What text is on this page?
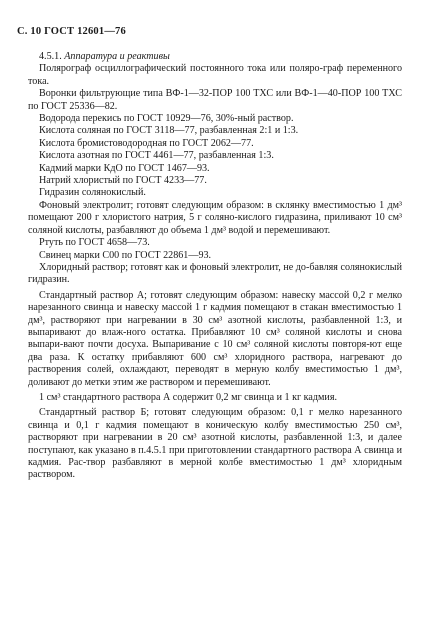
С. 10 ГОСТ 12601—76

4.5.1. Аппаратура и реактивы

Полярограф осциллографический постоянного тока или поляро-граф переменного тока.

Воронки фильтрующие типа ВФ-1—32-ПОР 100 ТХС или ВФ-1—40-ПОР 100 ТХС по ГОСТ 25336—82.

Водорода перекись по ГОСТ 10929—76, 30%-ный раствор.

Кислота соляная по ГОСТ 3118—77, разбавленная 2:1 и 1:3.

Кислота бромистоводородная по ГОСТ 2062—77.

Кислота азотная по ГОСТ 4461—77, разбавленная 1:3.

Кадмий марки КдО по ГОСТ 1467—93.

Натрий хлористый по ГОСТ 4233—77.

Гидразин солянокислый.

Фоновый электролит; готовят следующим образом: в склянку вместимостью 1 дм³ помещают 200 г хлористого натрия, 5 г соляно-кислого гидразина, приливают 10 см³ соляной кислоты, разбавляют до объема 1 дм³ водой и перемешивают.

Ртуть по ГОСТ 4658—73.

Свинец марки С00 по ГОСТ 22861—93.

Хлоридный раствор; готовят как и фоновый электролит, не до-бавляя солянокислый гидразин.

Стандартный раствор А; готовят следующим образом: навеску массой 0,2 г мелко нарезанного свинца и навеску массой 1 г кадмия помещают в стакан вместимостью 1 дм³, растворяют при нагревании в 30 см³ азотной кислоты, разбавленной 1:3, и выпаривают до влаж-ного остатка. Прибавляют 10 см³ соляной кислоты и снова выпари-вают почти досуха. Выпаривание с 10 см³ соляной кислоты повторя-ют еще два раза. К остатку прибавляют 600 см³ хлоридного раствора, нагревают до растворения солей, охлаждают, переводят в мерную колбу вместимостью 1 дм³, доливают до метки этим же раствором и перемешивают.

1 см³ стандартного раствора А содержит 0,2 мг свинца и 1 кг кадмия.

Стандартный раствор Б; готовят следующим образом: 0,1 г мелко нарезанного свинца и 0,1 г кадмия помещают в коническую колбу вместимостью 250 см³, растворяют при нагревании в 20 см³ азотной кислоты, разбавленной 1:3, и далее поступают, как указано в п.4.5.1 при приготовлении стандартного раствора А свинца и кадмия. Рас-твор разбавляют в мерной колбе вместимостью 1 дм³ хлоридным раствором.
